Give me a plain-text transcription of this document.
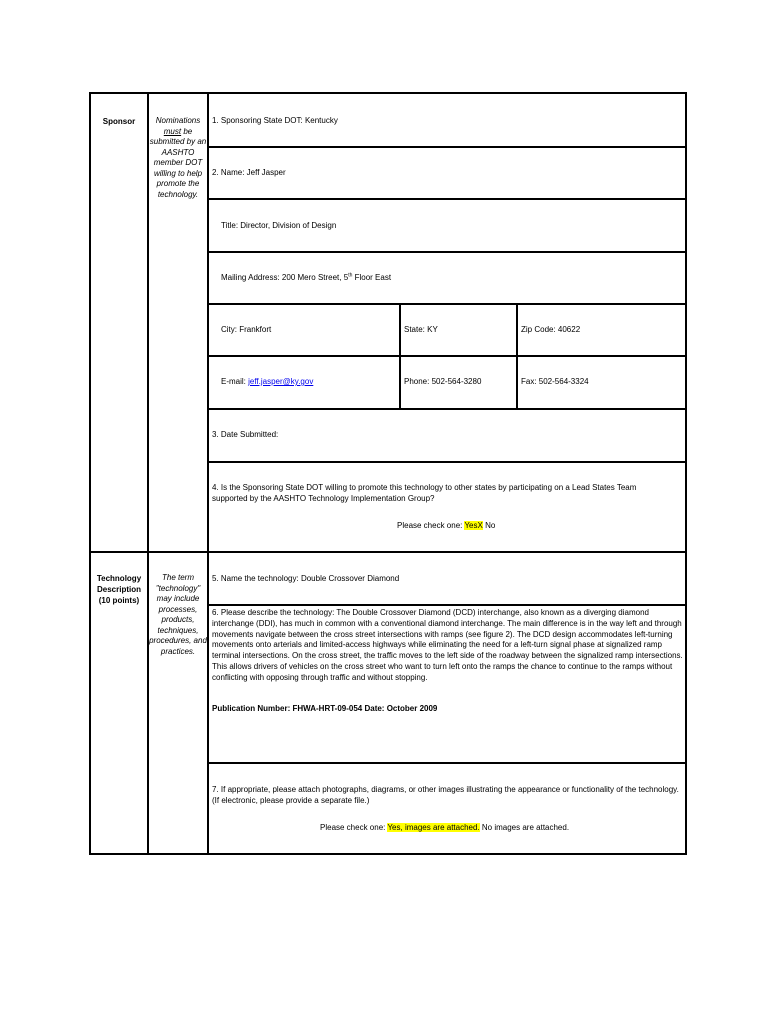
Sponsor	Nominations must be submitted by an AASHTO member DOT willing to help promote the technology.
1. Sponsoring State DOT: Kentucky
2. Name: Jeff Jasper
Title: Director, Division of Design
Mailing Address: 200 Mero Street, 5th Floor East
City: Frankfort	State: KY	Zip Code: 40622
E-mail: jeff.jasper@ky.gov	Phone: 502-564-3280	Fax: 502-564-3324
3. Date Submitted:
4. Is the Sponsoring State DOT willing to promote this technology to other states by participating on a Lead States Team supported by the AASHTO Technology Implementation Group?
Please check one: YesX No
Technology Description (10 points)
The term "technology" may include processes, products, techniques, procedures, and practices.
5. Name the technology: Double Crossover Diamond
6. Please describe the technology: The Double Crossover Diamond (DCD) interchange, also known as a diverging diamond interchange (DDI), has much in common with a conventional diamond interchange. The main difference is in the way left and through movements navigate between the cross street intersections with ramps (see figure 2). The DCD design accommodates left-turning movements onto arterials and limited-access highways while eliminating the need for a left-turn signal phase at signalized ramp terminal intersections. On the cross street, the traffic moves to the left side of the roadway between the signalized ramp intersections. This allows drivers of vehicles on the cross street who want to turn left onto the ramps the chance to continue to the ramps without conflicting with opposing through traffic and without stopping.
Publication Number: FHWA-HRT-09-054 Date: October 2009
7. If appropriate, please attach photographs, diagrams, or other images illustrating the appearance or functionality of the technology. (If electronic, please provide a separate file.)
Please check one: Yes, images are attached. No images are attached.
